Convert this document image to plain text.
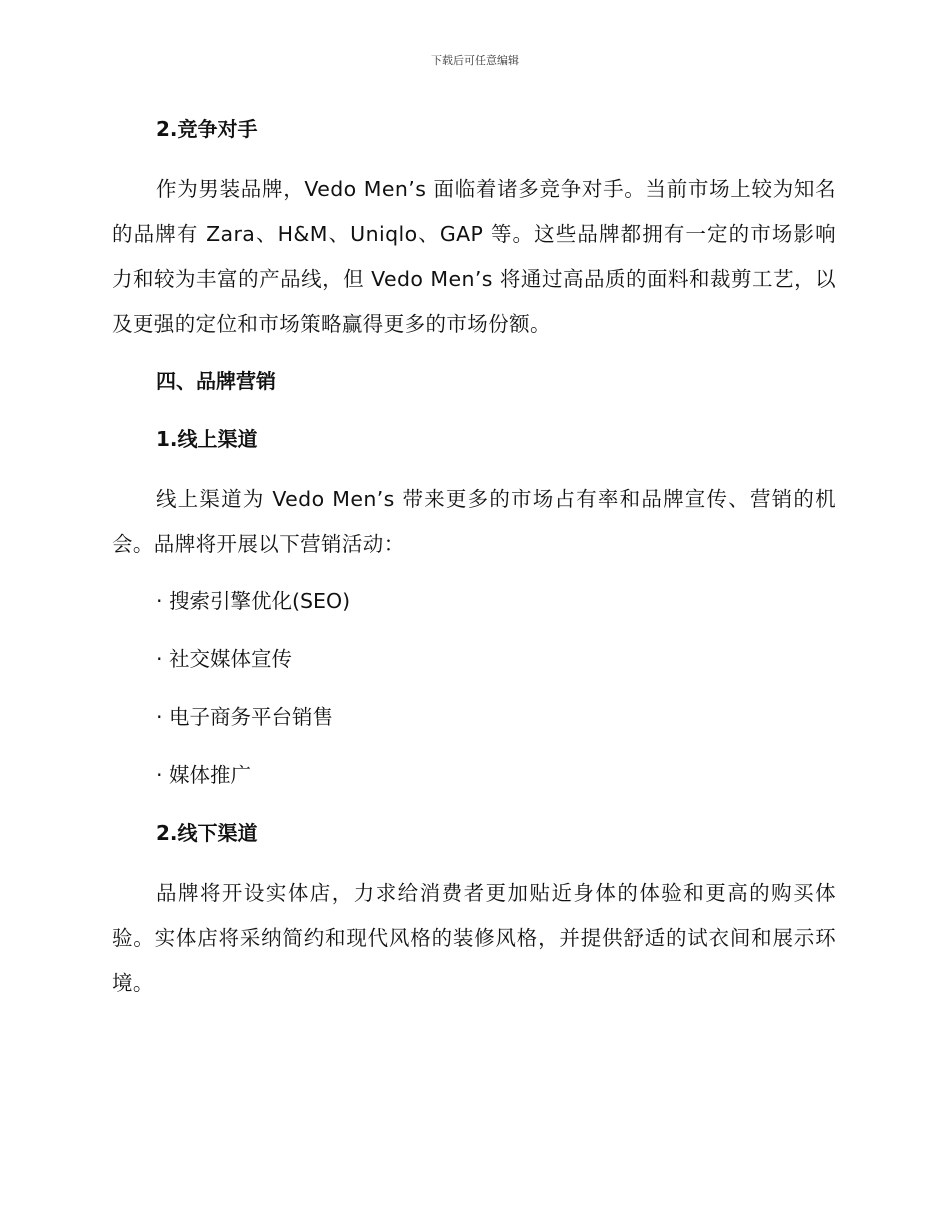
下载后可任意编辑
2.竞争对手

作为男装品牌，Vedo Men’s 面临着诸多竞争对手。当前市场上较为知名的品牌有 Zara、H&M、Uniqlo、GAP 等。这些品牌都拥有一定的市场影响力和较为丰富的产品线，但 Vedo Men’s 将通过高品质的面料和裁剪工艺，以及更强的定位和市场策略赢得更多的市场份额。

四、品牌营销
1.线上渠道

线上渠道为 Vedo Men’s 带来更多的市场占有率和品牌宣传、营销的机会。品牌将开展以下营销活动：

· 搜索引擎优化(SEO)
· 社交媒体宣传
· 电子商务平台销售
· 媒体推广
2.线下渠道

品牌将开设实体店，力求给消费者更加贴近身体的体验和更高的购买体验。实体店将采纳简约和现代风格的装修风格，并提供舒适的试衣间和展示环境。
